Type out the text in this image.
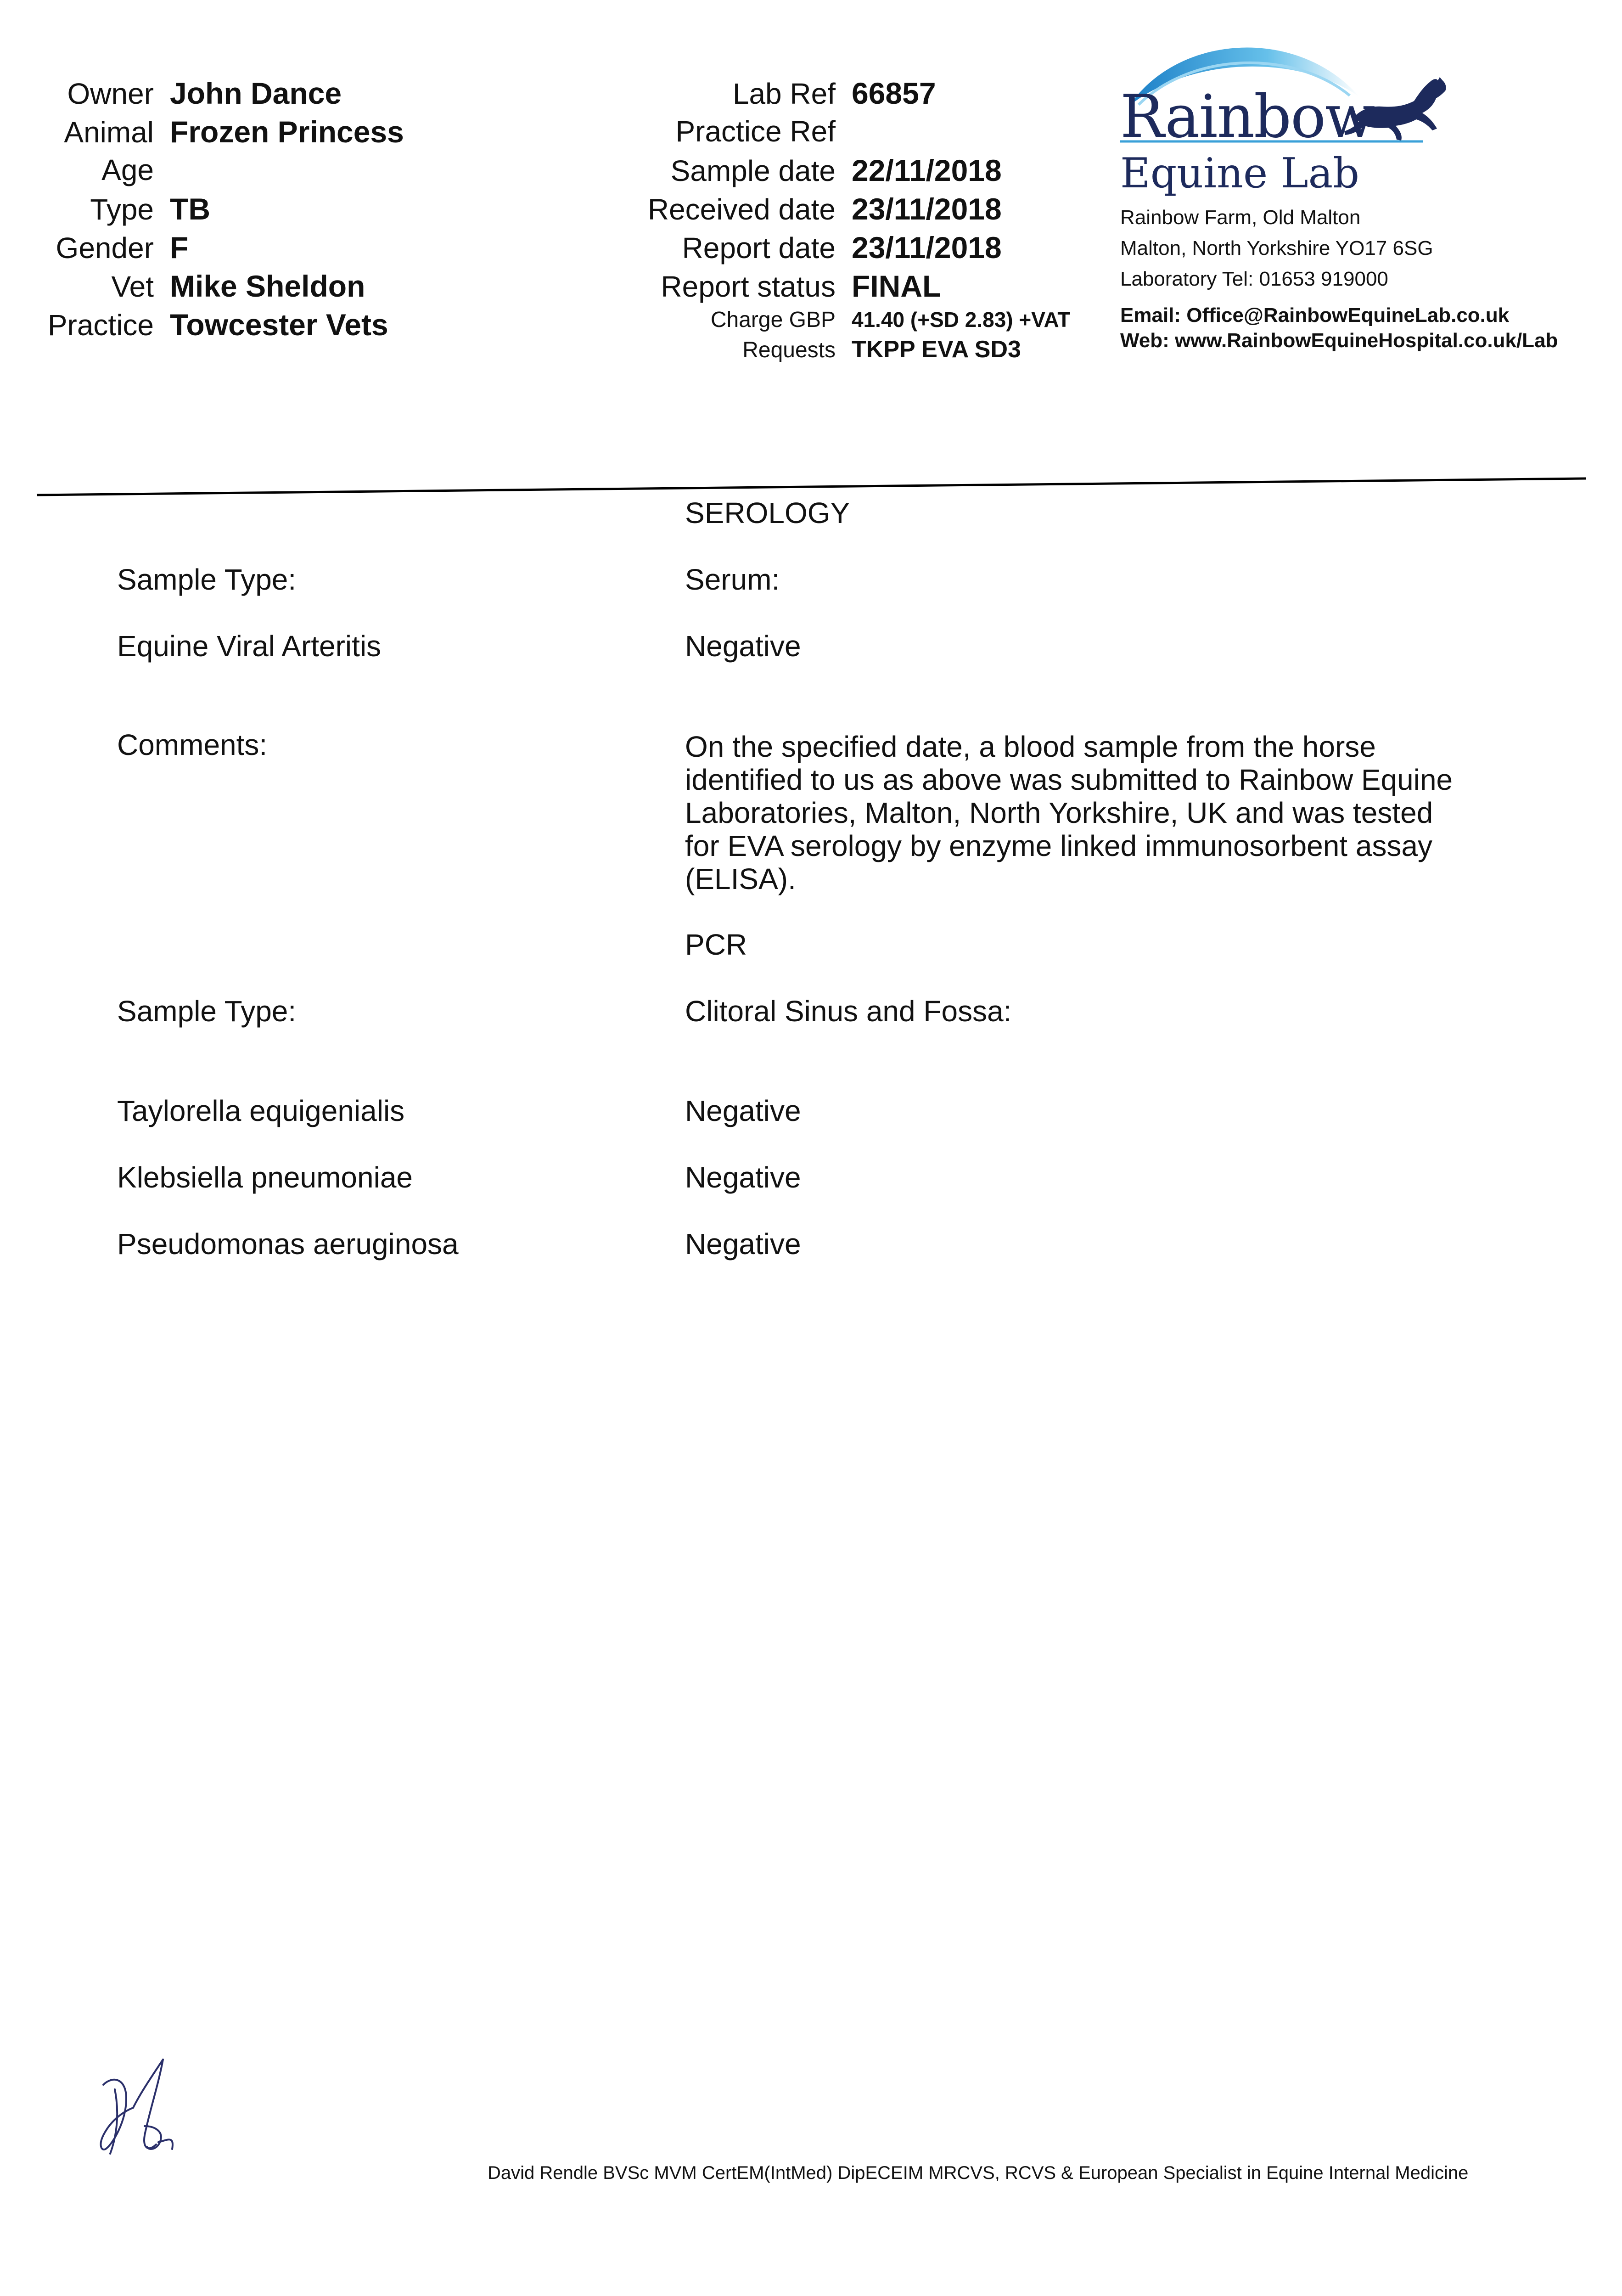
Owner John Dance
Animal Frozen Princess
Age
Type TB
Gender F
Vet Mike Sheldon
Practice Towcester Vets
Lab Ref 66857
Practice Ref
Sample date 22/11/2018
Received date 23/11/2018
Report date 23/11/2018
Report status FINAL
Charge GBP 41.40 (+SD 2.83) +VAT
Requests TKPP EVA SD3
Rainbow
Equine Lab
Rainbow Farm, Old Malton
Malton, North Yorkshire YO17 6SG
Laboratory Tel: 01653 919000
Email: Office@RainbowEquineLab.co.uk
Web: www.RainbowEquineHospital.co.uk/Lab
SEROLOGY
Sample Type:	Serum:
Equine Viral Arteritis	Negative
Comments:	On the specified date, a blood sample from the horse identified to us as above was submitted to Rainbow Equine Laboratories, Malton, North Yorkshire, UK and was tested for EVA serology by enzyme linked immunosorbent assay (ELISA).
PCR
Sample Type:	Clitoral Sinus and Fossa:
Taylorella equigenialis	Negative
Klebsiella pneumoniae	Negative
Pseudomonas aeruginosa	Negative
David Rendle BVSc MVM CertEM(IntMed) DipECEIM MRCVS, RCVS & European Specialist in Equine Internal Medicine
